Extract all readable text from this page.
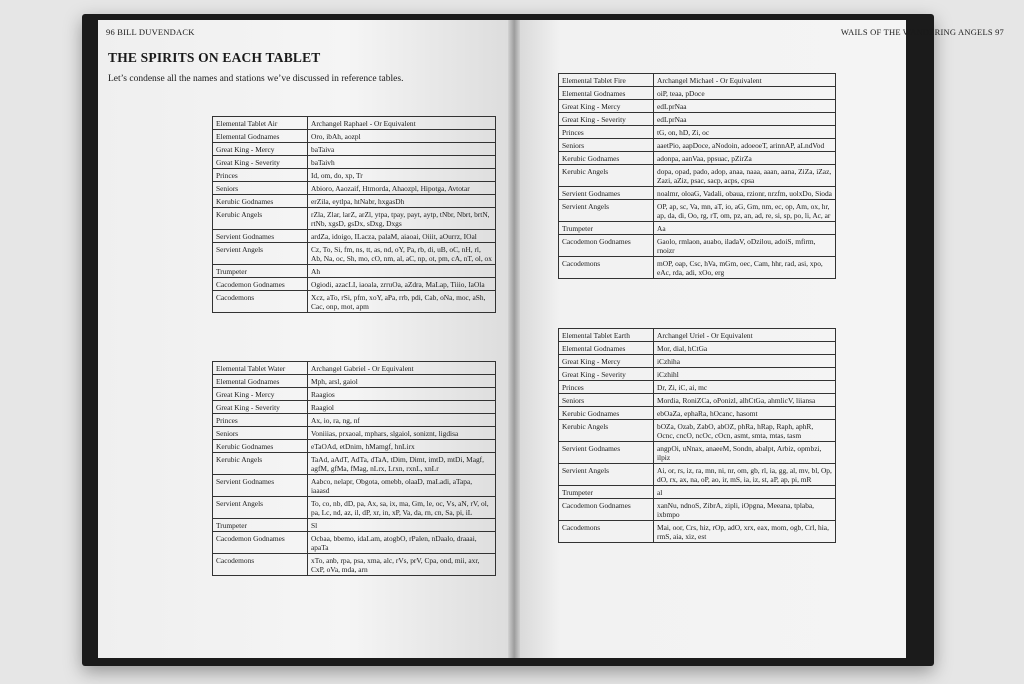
96 BILL DUVENDACK	WAILS OF THE WANDERING ANGELS 97
THE SPIRITS ON EACH TABLET
Let’s condense all the names and stations we’ve discussed in reference tables.
Elemental Tablet Air	Archangel Raphael - Or Equivalent
Elemental Godnames	Oro, ibAh, aozpl
Great King - Mercy	baTaiva
Great King - Severity	baTaivh
Princes	Id, om, do, xp, Tr
Seniors	Abioro, Aaozaif, Htmorda, Ahaozpl, Hipotga, Avtotar
Kerubic Godnames	erZila, eytlpa, htNabr, hxgasDh
Kerubic Angels	rZla, Zlar, larZ, arZl, ytpa, tpay, payt, aytp, tNbr, Nbrt, brtN, rtNb, xgsD, gsDx, sDxg, Dxgs
Servient Godnames	ardZa, idoigo, ILacza, palaM, aiaoai, Oiiit, aOurrz, IOal
Servient Angels	Cz, To, Si, fm, ns, tt, as, nd, oY, Pa, rb, di, uB, oC, nH, rl, Ab, Na, oc, Sh, mo, cO, nm, al, aC, np, ot, pm, cA, nT, ol, ox
Trumpeter	Ah
Cacodemon Godnames	Ogiodi, azacLI, iaoala, zrruOa, aZdra, MaLap, Tiiio, IaOla
Cacodemons	Xcz, aTo, rSi, pfm, xoY, aPa, rrb, pdi, Cab, oNa, moc, aSh, Cac, onp, mot, apm
Elemental Tablet Water	Archangel Gabriel - Or Equivalent
Elemental Godnames	Mph, arsl, gaiol
Great King - Mercy	Raagios
Great King - Severity	Raagiol
Princes	Ax, io, ra, ng, nf
Seniors	Voniiias, prxaoal, mphars, slgaiol, soniznt, ligdisa
Kerubic Godnames	eTaOAd, etDnim, hMamgf, hnLirx
Kerubic Angels	TaAd, aAdT, AdTa, dTaA, tDim, Dimt, imtD, mtDi, Magf, agfM, gfMa, fMag, nLrx, Lrxn, rxnL, xnLr
Servient Godnames	Aabco, nelapr, Obgota, omebb, olaaD, maLadi, aTapa, iaaasd
Servient Angels	To, co, nb, dD, pa, Ax, sa, ix, ma, Gm, le, oc, Vs, aN, rV, ol, pa, Lc, nd, az, il, dP, xr, in, xP, Va, da, rn, cn, Sa, pi, iL
Trumpeter	Sl
Cacodemon Godnames	Ocbaa, bbemo, idaLam, atogbO, rPalen, nDaalo, draaai, apaTa
Cacodemons	xTo, anb, rpa, psa, xma, alc, rVs, prV, Cpa, ond, mii, axr, CxP, oVa, mda, arn
Elemental Tablet Fire	Archangel Michael - Or Equivalent
Elemental Godnames	oiP, teaa, pDoce
Great King - Mercy	edLprNaa
Great King - Severity	edLprNaa
Princes	tG, on, hD, Zi, oc
Seniors	aaetPio, aapDoce, aNodoin, adoeoeT, arinnAP, aLndVod
Kerubic Godnames	adonpa, aanVaa, ppsuac, pZirZa
Kerubic Angels	dopa, opad, pado, adop, anaa, naaa, aaan, aana, ZiZa, iZaz, Zazi, aZiz, psac, sacp, acps, cpsa
Servient Godnames	noalmr, oloaG, Vadali, obaua, rzionr, nrzfm, uolxDo, Sioda
Servient Angels	OP, ap, sc, Va, mn, aT, io, aG, Gm, nm, ec, op, Am, ox, hr, ap, da, di, Oo, rg, rT, om, pz, an, ad, re, si, sp, po, li, Ac, ar
Trumpeter	Aa
Cacodemon Godnames	Gaolo, rmlaon, auabo, iladaV, oDzilou, adoiS, mfirm, rnoizr
Cacodemons	mOP, oap, Csc, hVa, mGm, oec, Cam, hhr, rad, asi, xpo, eAc, rda, adi, xOo, erg
Elemental Tablet Earth	Archangel Uriel - Or Equivalent
Elemental Godnames	Mor, dial, hCtGa
Great King - Mercy	iCzhiha
Great King - Severity	iCzhihl
Princes	Dr, Zi, iC, ai, mc
Seniors	Mordia, RoniZCa, oPonizl, alhCtGa, ahmlicV, liiansa
Kerubic Godnames	ebOaZa, ephaRa, hOcanc, hasomt
Kerubic Angels	bOZa, Ozab, ZabO, abOZ, phRa, hRap, Raph, aphR, Ocnc, cncO, ncOc, cOcn, asmt, smta, mtas, tasm
Servient Godnames	angpOi, uNnax, anaeeM, Sondn, abalpt, Arbiz, opmbzi, ilpiz
Servient Angels	Ai, or, rs, iz, ra, mn, ni, nr, om, gb, rl, ia, gg, al, mv, bl, Op, dO, rx, ax, na, oP, ao, ir, mS, ia, iz, st, aP, ap, pi, mR
Trumpeter	al
Cacodemon Godnames	xanNu, ndnoS, ZibrA, zipli, iOpgna, Meeana, tplaba, ixbmpo
Cacodemons	Mai, oor, Crs, hiz, rOp, adO, xrx, eax, mom, ogb, Crl, hia, rmS, aia, xiz, est
